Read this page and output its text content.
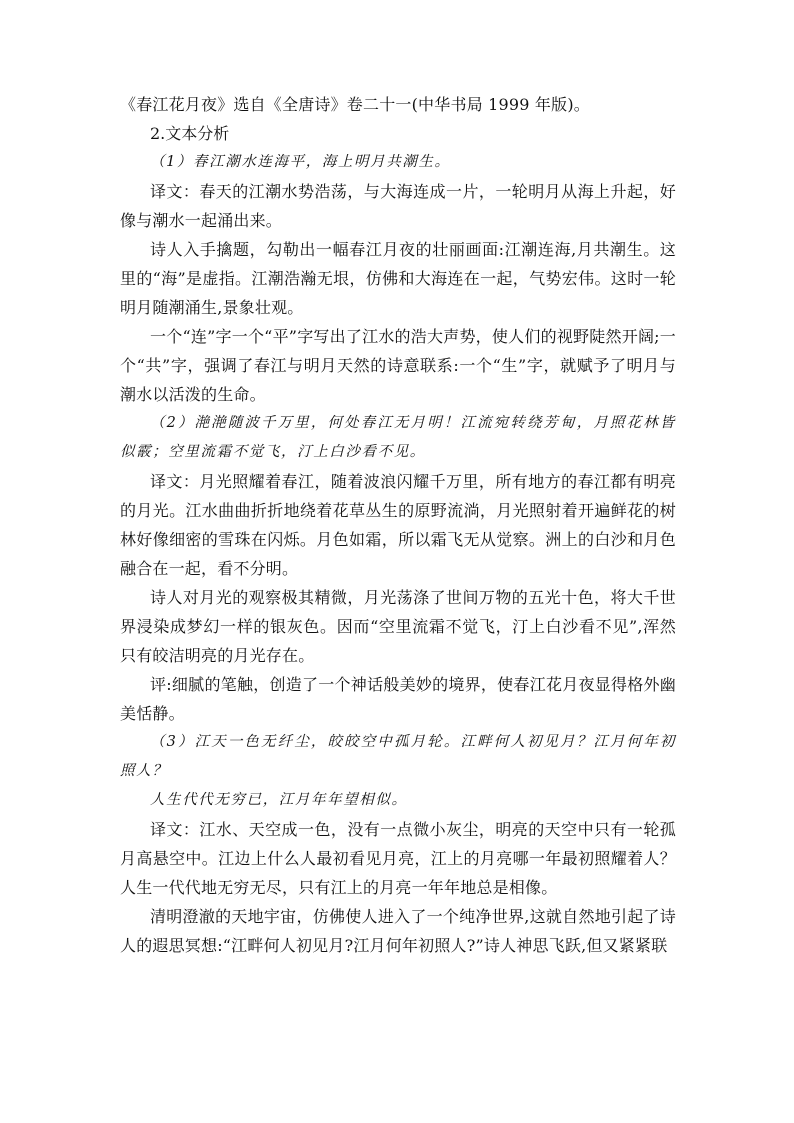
《春江花月夜》选自《全唐诗》卷二十一(中华书局 1999 年版)。

2.文本分析

（1）春江潮水连海平，海上明月共潮生。

译文：春天的江潮水势浩荡，与大海连成一片，一轮明月从海上升起，好像与潮水一起涌出来。

诗人入手擒题，勾勒出一幅春江月夜的壮丽画面:江潮连海,月共潮生。这里的“海”是虚指。江潮浩瀚无垠，仿佛和大海连在一起，气势宏伟。这时一轮明月随潮涌生,景象壮观。

一个“连”字一个“平”字写出了江水的浩大声势，使人们的视野陡然开阔;一个“共”字，强调了春江与明月天然的诗意联系:一个“生”字，就赋予了明月与潮水以活泼的生命。

（2）滟滟随波千万里，何处春江无月明！江流宛转绕芳甸，月照花林皆似霰；空里流霜不觉飞，汀上白沙看不见。

译文：月光照耀着春江，随着波浪闪耀千万里，所有地方的春江都有明亮的月光。江水曲曲折折地绕着花草丛生的原野流淌，月光照射着开遍鲜花的树林好像细密的雪珠在闪烁。月色如霜，所以霜飞无从觉察。洲上的白沙和月色融合在一起，看不分明。

诗人对月光的观察极其精微，月光荡涤了世间万物的五光十色，将大千世界浸染成梦幻一样的银灰色。因而“空里流霜不觉飞，汀上白沙看不见”,浑然只有皎洁明亮的月光存在。

评:细腻的笔触，创造了一个神话般美妙的境界，使春江花月夜显得格外幽美恬静。

（3）江天一色无纤尘，皎皎空中孤月轮。江畔何人初见月？江月何年初照人？

人生代代无穷已，江月年年望相似。

译文：江水、天空成一色，没有一点微小灰尘，明亮的天空中只有一轮孤月高悬空中。江边上什么人最初看见月亮，江上的月亮哪一年最初照耀着人？人生一代代地无穷无尽，只有江上的月亮一年年地总是相像。

清明澄澈的天地宇宙，仿佛使人进入了一个纯净世界,这就自然地引起了诗人的遐思冥想:“江畔何人初见月?江月何年初照人?”诗人神思飞跃,但又紧紧联
